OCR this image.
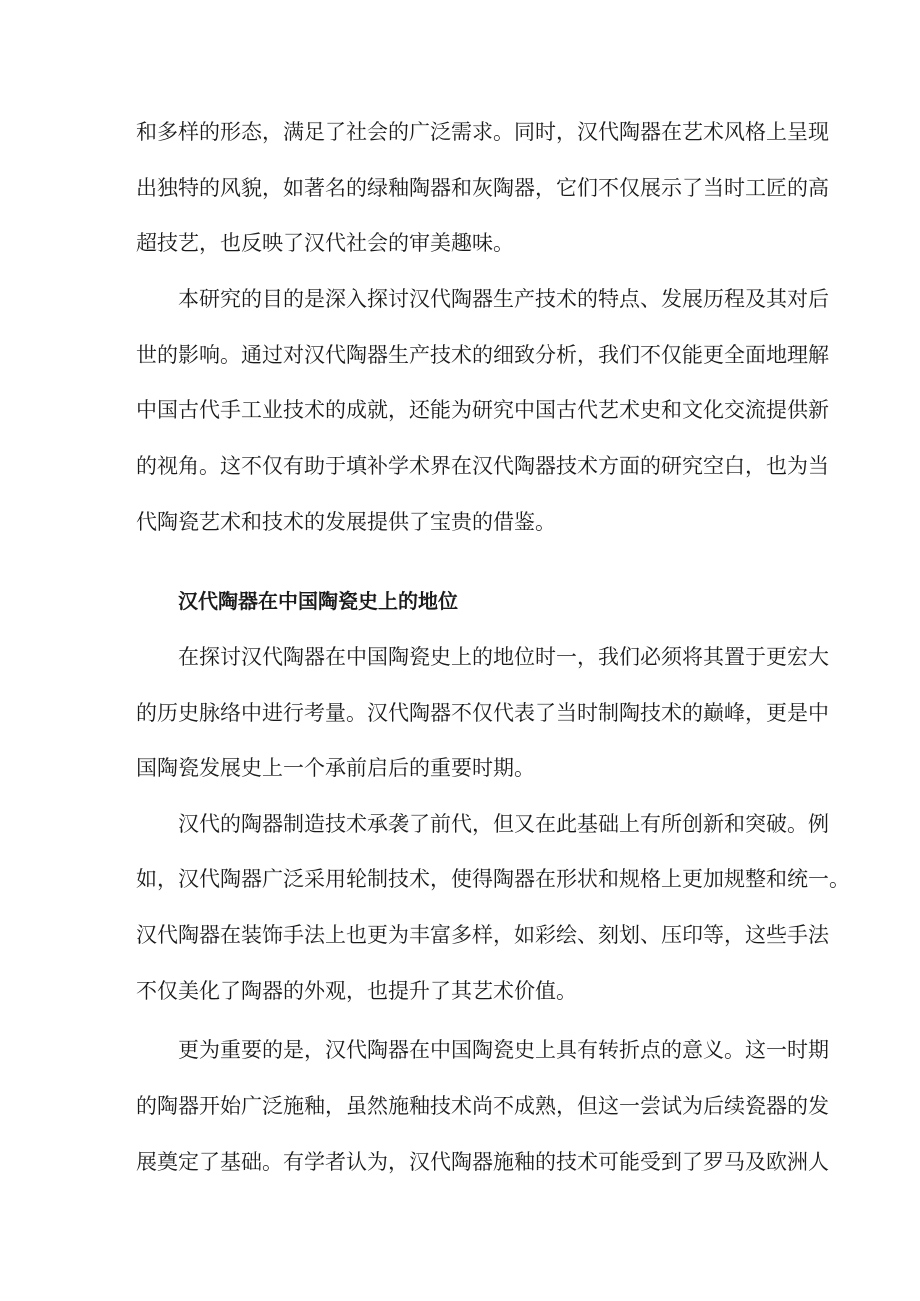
和多样的形态，满足了社会的广泛需求。同时，汉代陶器在艺术风格上呈现
出独特的风貌，如著名的绿釉陶器和灰陶器，它们不仅展示了当时工匠的高
超技艺，也反映了汉代社会的审美趣味。
本研究的目的是深入探讨汉代陶器生产技术的特点、发展历程及其对后
世的影响。通过对汉代陶器生产技术的细致分析，我们不仅能更全面地理解
中国古代手工业技术的成就，还能为研究中国古代艺术史和文化交流提供新
的视角。这不仅有助于填补学术界在汉代陶器技术方面的研究空白，也为当
代陶瓷艺术和技术的发展提供了宝贵的借鉴。
汉代陶器在中国陶瓷史上的地位
在探讨汉代陶器在中国陶瓷史上的地位时一，我们必须将其置于更宏大
的历史脉络中进行考量。汉代陶器不仅代表了当时制陶技术的巅峰，更是中
国陶瓷发展史上一个承前启后的重要时期。
汉代的陶器制造技术承袭了前代，但又在此基础上有所创新和突破。例
如，汉代陶器广泛采用轮制技术，使得陶器在形状和规格上更加规整和统一。
汉代陶器在装饰手法上也更为丰富多样，如彩绘、刻划、压印等，这些手法
不仅美化了陶器的外观，也提升了其艺术价值。
更为重要的是，汉代陶器在中国陶瓷史上具有转折点的意义。这一时期
的陶器开始广泛施釉，虽然施釉技术尚不成熟，但这一尝试为后续瓷器的发
展奠定了基础。有学者认为，汉代陶器施釉的技术可能受到了罗马及欧洲人
